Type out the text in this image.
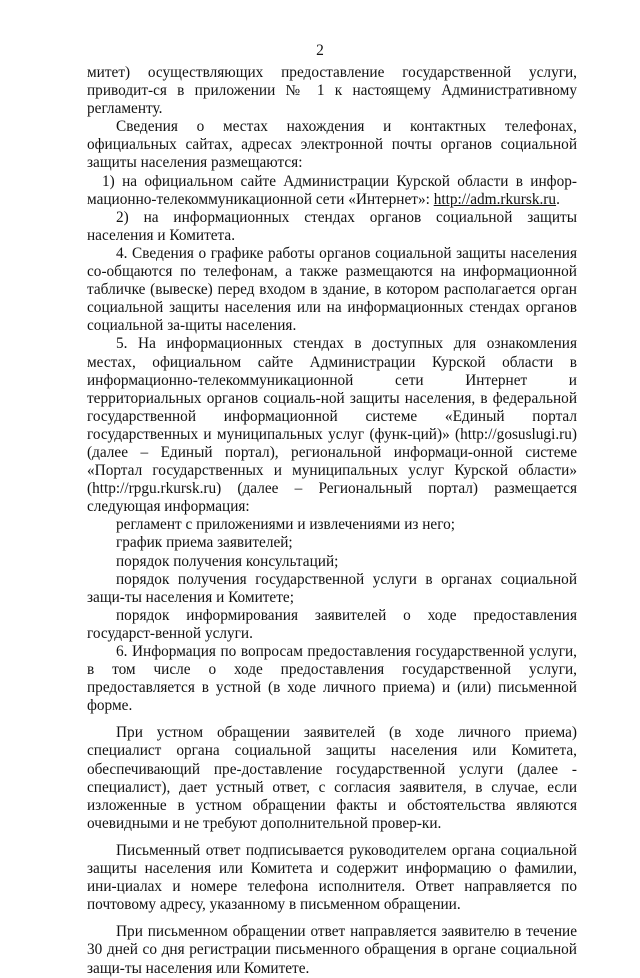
2

митет) осуществляющих предоставление государственной услуги, приводит-ся в приложении № 1 к настоящему Административному регламенту.

Сведения о местах нахождения и контактных телефонах, официальных сайтах, адресах электронной почты органов социальной защиты населения размещаются:

1) на официальном сайте Администрации Курской области в инфор-мационно-телекоммуникационной сети «Интернет»: http://adm.rkursk.ru.

2) на информационных стендах органов социальной защиты населения и Комитета.

4. Сведения о графике работы органов социальной защиты населения со-общаются по телефонам, а также размещаются на информационной табличке (вывеске) перед входом в здание, в котором располагается орган социальной защиты населения или на информационных стендах органов социальной за-щиты населения.

5. На информационных стендах в доступных для ознакомления местах, официальном сайте Администрации Курской области в информационно-телекоммуникационной сети Интернет и территориальных органов социаль-ной защиты населения, в федеральной государственной информационной системе «Единый портал государственных и муниципальных услуг (функ-ций)» (http://gosuslugi.ru) (далее – Единый портал), региональной информаци-онной системе «Портал государственных и муниципальных услуг Курской области» (http://rpgu.rkursk.ru) (далее – Региональный портал) размещается следующая информация:

регламент с приложениями и извлечениями из него;

график приема заявителей;

порядок получения консультаций;

порядок получения государственной услуги в органах социальной защи-ты населения и Комитете;

порядок информирования заявителей о ходе предоставления государст-венной услуги.

6. Информация по вопросам предоставления государственной услуги, в том числе о ходе предоставления государственной услуги, предоставляется в устной (в ходе личного приема) и (или) письменной форме.

При устном обращении заявителей (в ходе личного приема) специалист органа социальной защиты населения или Комитета, обеспечивающий пре-доставление государственной услуги (далее - специалист), дает устный ответ, с согласия заявителя, в случае, если изложенные в устном обращении факты и обстоятельства являются очевидными и не требуют дополнительной провер-ки.

Письменный ответ подписывается руководителем органа социальной защиты населения или Комитета и содержит информацию о фамилии, ини-циалах и номере телефона исполнителя. Ответ направляется по почтовому адресу, указанному в письменном обращении.

При письменном обращении ответ направляется заявителю в течение 30 дней со дня регистрации письменного обращения в органе социальной защи-ты населения или Комитете.
